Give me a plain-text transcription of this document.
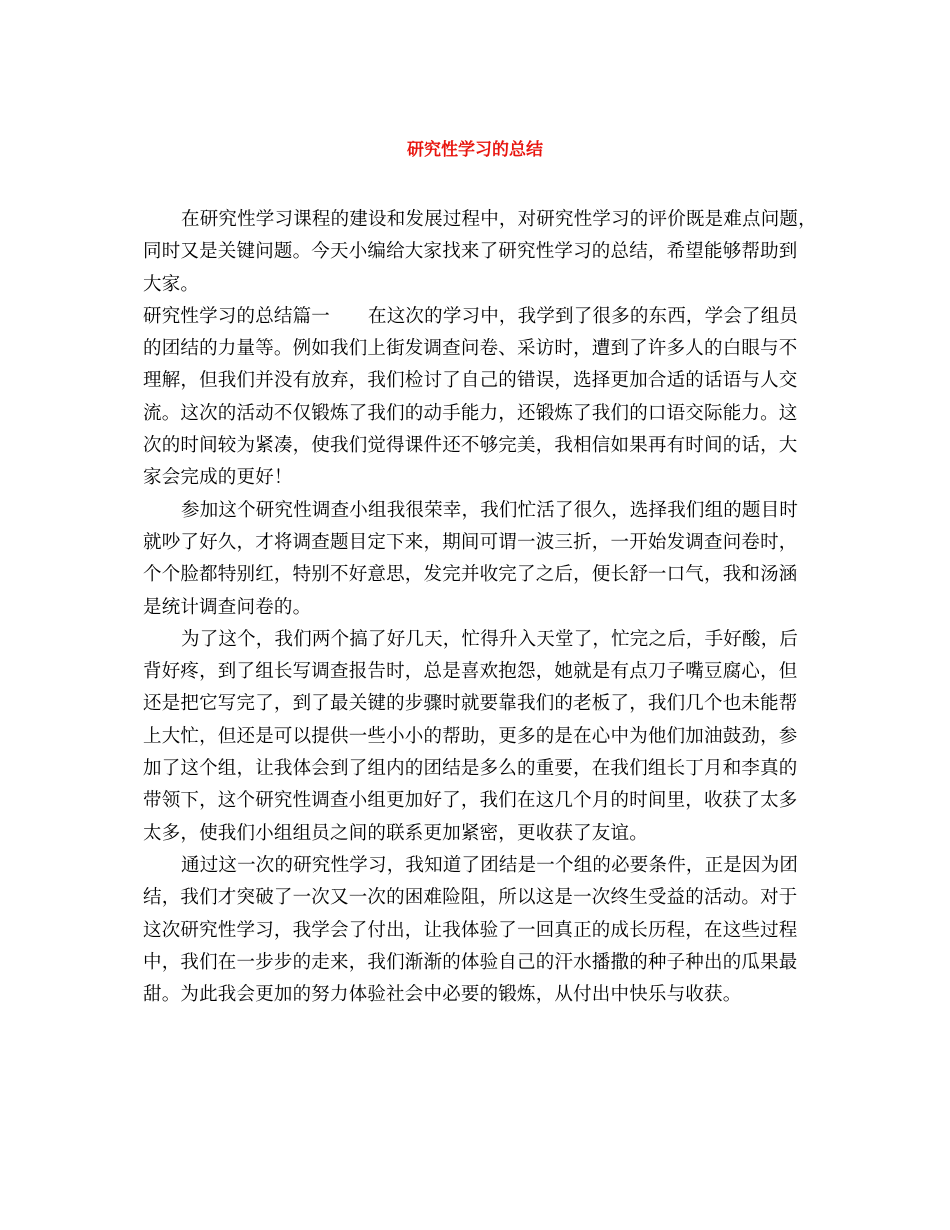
研究性学习的总结
在研究性学习课程的建设和发展过程中，对研究性学习的评价既是难点问题，
同时又是关键问题。今天小编给大家找来了研究性学习的总结，希望能够帮助到
大家。
研究性学习的总结篇一 在这次的学习中，我学到了很多的东西，学会了组员
的团结的力量等。例如我们上街发调查问卷、采访时，遭到了许多人的白眼与不
理解，但我们并没有放弃，我们检讨了自己的错误，选择更加合适的话语与人交
流。这次的活动不仅锻炼了我们的动手能力，还锻炼了我们的口语交际能力。这
次的时间较为紧凑，使我们觉得课件还不够完美，我相信如果再有时间的话，大
家会完成的更好！
参加这个研究性调查小组我很荣幸，我们忙活了很久，选择我们组的题目时
就吵了好久，才将调查题目定下来，期间可谓一波三折，一开始发调查问卷时，
个个脸都特别红，特别不好意思，发完并收完了之后，便长舒一口气，我和汤涵
是统计调查问卷的。
为了这个，我们两个搞了好几天，忙得升入天堂了，忙完之后，手好酸，后
背好疼，到了组长写调查报告时，总是喜欢抱怨，她就是有点刀子嘴豆腐心，但
还是把它写完了，到了最关键的步骤时就要靠我们的老板了，我们几个也未能帮
上大忙，但还是可以提供一些小小的帮助，更多的是在心中为他们加油鼓劲，参
加了这个组，让我体会到了组内的团结是多么的重要，在我们组长丁月和李真的
带领下，这个研究性调查小组更加好了，我们在这几个月的时间里，收获了太多
太多，使我们小组组员之间的联系更加紧密，更收获了友谊。
通过这一次的研究性学习，我知道了团结是一个组的必要条件，正是因为团
结，我们才突破了一次又一次的困难险阻，所以这是一次终生受益的活动。对于
这次研究性学习，我学会了付出，让我体验了一回真正的成长历程，在这些过程
中，我们在一步步的走来，我们渐渐的体验自己的汗水播撒的种子种出的瓜果最
甜。为此我会更加的努力体验社会中必要的锻炼，从付出中快乐与收获。
